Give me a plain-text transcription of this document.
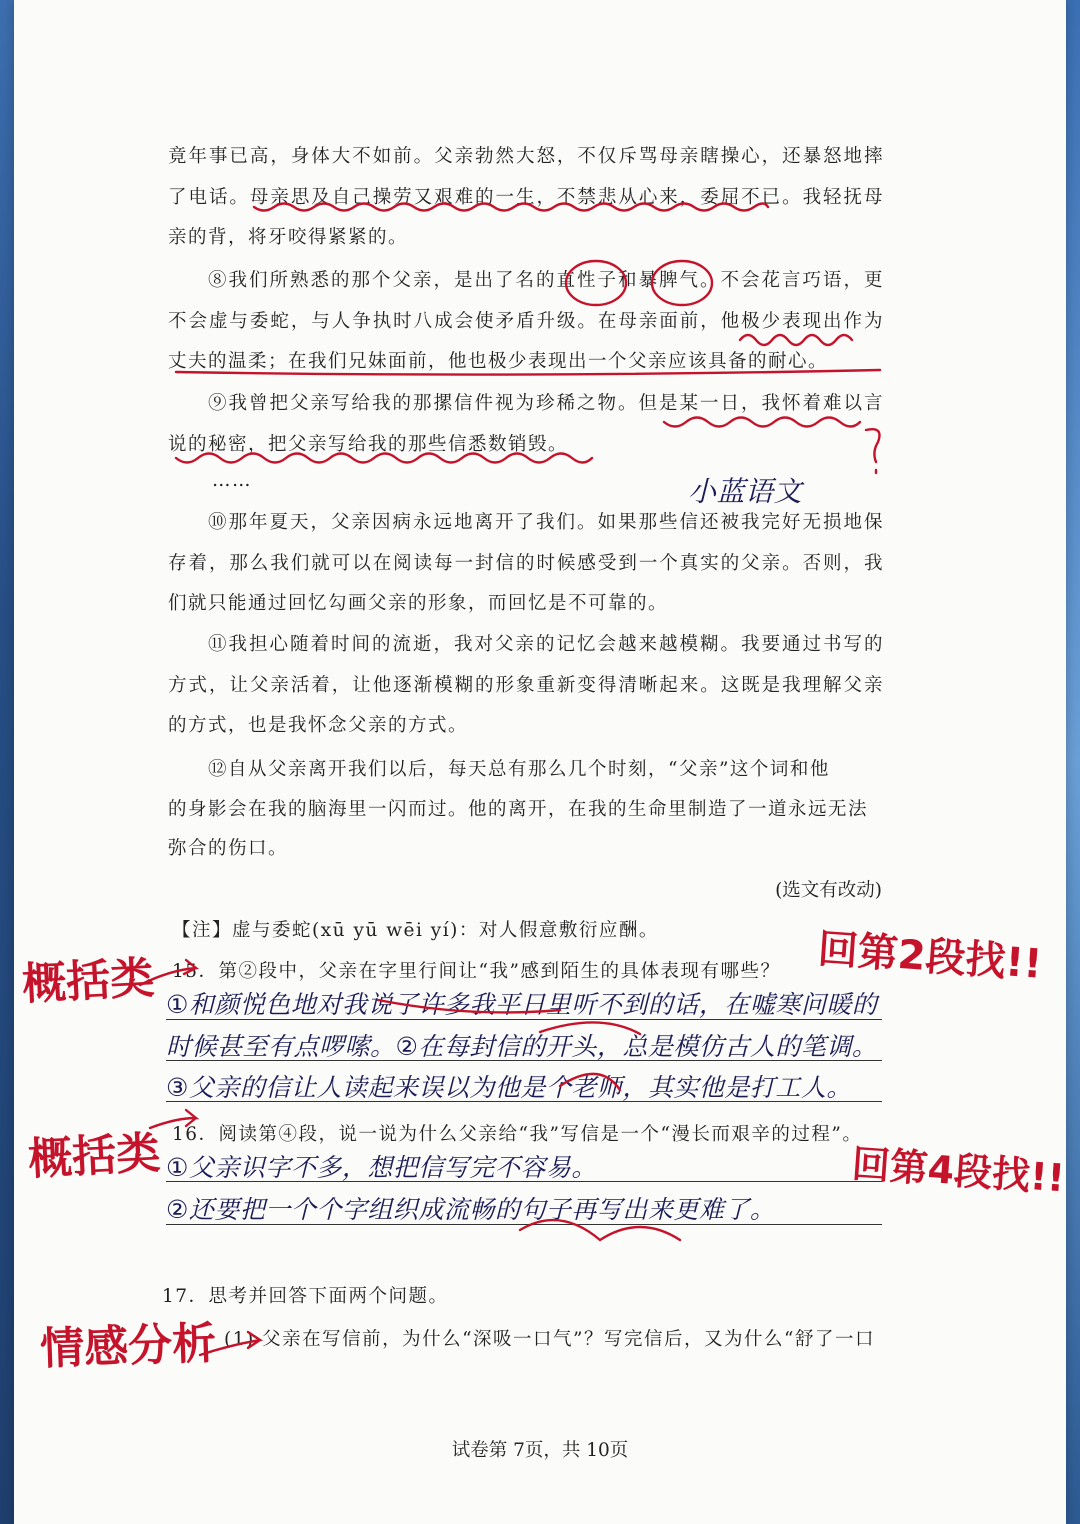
竟年事已高，身体大不如前。父亲勃然大怒，不仅斥骂母亲瞎操心，还暴怒地摔了电话。母亲思及自己操劳又艰难的一生，不禁悲从心来，委屈不已。我轻抚母亲的背，将牙咬得紧紧的。

⑧我们所熟悉的那个父亲，是出了名的直性子和暴脾气。不会花言巧语，更不会虚与委蛇，与人争执时八成会使矛盾升级。在母亲面前，他极少表现出作为丈夫的温柔；在我们兄妹面前，他也极少表现出一个父亲应该具备的耐心。

⑨我曾把父亲写给我的那摞信件视为珍稀之物。但是某一日，我怀着难以言说的秘密，把父亲写给我的那些信悉数销毁。

……

⑩那年夏天，父亲因病永远地离开了我们。如果那些信还被我完好无损地保存着，那么我们就可以在阅读每一封信的时候感受到一个真实的父亲。否则，我们就只能通过回忆勾画父亲的形象，而回忆是不可靠的。

⑪我担心随着时间的流逝，我对父亲的记忆会越来越模糊。我要通过书写的方式，让父亲活着，让他逐渐模糊的形象重新变得清晰起来。这既是我理解父亲的方式，也是我怀念父亲的方式。

⑫自从父亲离开我们以后，每天总有那么几个时刻，“父亲”这个词和他

的身影会在我的脑海里一闪而过。他的离开，在我的生命里制造了一道永远无法

弥合的伤口。

(选文有改动)

【注】虚与委蛇(xū yū wēi yí)：对人假意敷衍应酬。

15．第②段中，父亲在字里行间让“我”感到陌生的具体表现有哪些？

①和颜悦色地对我说了许多我平日里听不到的话，在嘘寒问暖的
时候甚至有点啰嗦。②在每封信的开头，总是模仿古人的笔调。
③父亲的信让人读起来误以为他是个老师，其实他是打工人。

16．阅读第④段，说一说为什么父亲给“我”写信是一个“漫长而艰辛的过程”。

①父亲识字不多，想把信写完不容易。
②还要把一个个字组织成流畅的句子再写出来更难了。

17．思考并回答下面两个问题。

(1) 父亲在写信前，为什么“深吸一口气”？写完信后，又为什么“舒了一口

概括类	回第2段找!!
概括类	回第4段找!!
情感分析
小蓝语文
试卷第 7页，共 10页
